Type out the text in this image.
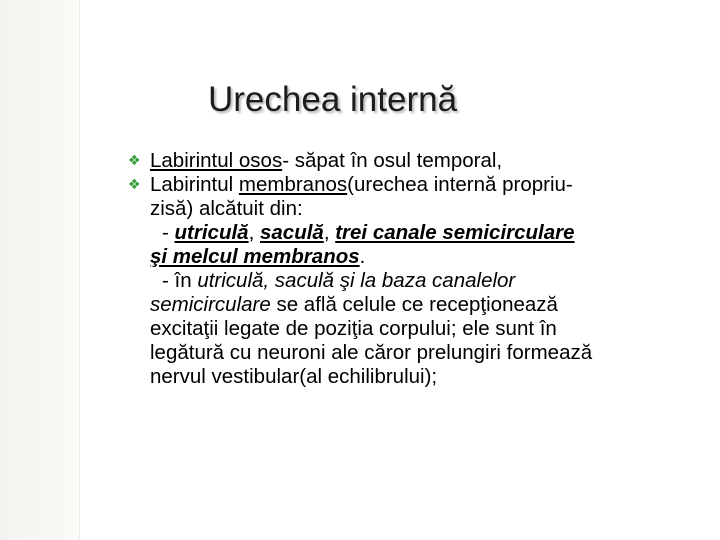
Urechea internă
❖ Labirintul osos- săpat în osul temporal,
❖ Labirintul membranos(urechea internă propriu-
zisă) alcătuit din:
- utriculă, saculă, trei canale semicirculare
şi melcul membranos.
- în utriculă, saculă şi la baza canalelor
semicirculare se află celule ce recepţionează
excitaţii legate de poziţia corpului; ele sunt în
legătură cu neuroni ale căror prelungiri formează
nervul vestibular(al echilibrului);
